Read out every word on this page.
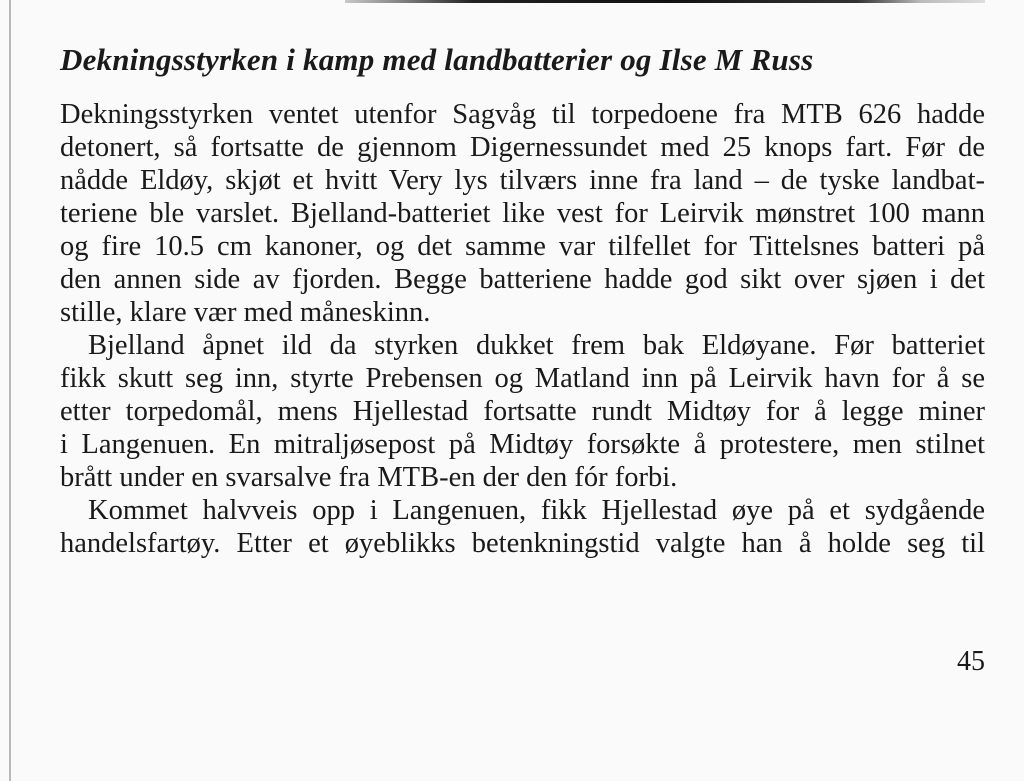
Dekningsstyrken i kamp med landbatterier og Ilse M Russ
Dekningsstyrken ventet utenfor Sagvåg til torpedoene fra MTB 626 hadde
detonert, så fortsatte de gjennom Digernessundet med 25 knops fart. Før de
nådde Eldøy, skjøt et hvitt Very lys tilværs inne fra land – de tyske landbat-
teriene ble varslet. Bjelland-batteriet like vest for Leirvik mønstret 100 mann
og fire 10.5 cm kanoner, og det samme var tilfellet for Tittelsnes batteri på
den annen side av fjorden. Begge batteriene hadde god sikt over sjøen i det
stille, klare vær med måneskinn.
Bjelland åpnet ild da styrken dukket frem bak Eldøyane. Før batteriet
fikk skutt seg inn, styrte Prebensen og Matland inn på Leirvik havn for å se
etter torpedomål, mens Hjellestad fortsatte rundt Midtøy for å legge miner
i Langenuen. En mitraljøsepost på Midtøy forsøkte å protestere, men stilnet
brått under en svarsalve fra MTB-en der den fór forbi.
Kommet halvveis opp i Langenuen, fikk Hjellestad øye på et sydgående
handelsfartøy. Etter et øyeblikks betenkningstid valgte han å holde seg til
45
